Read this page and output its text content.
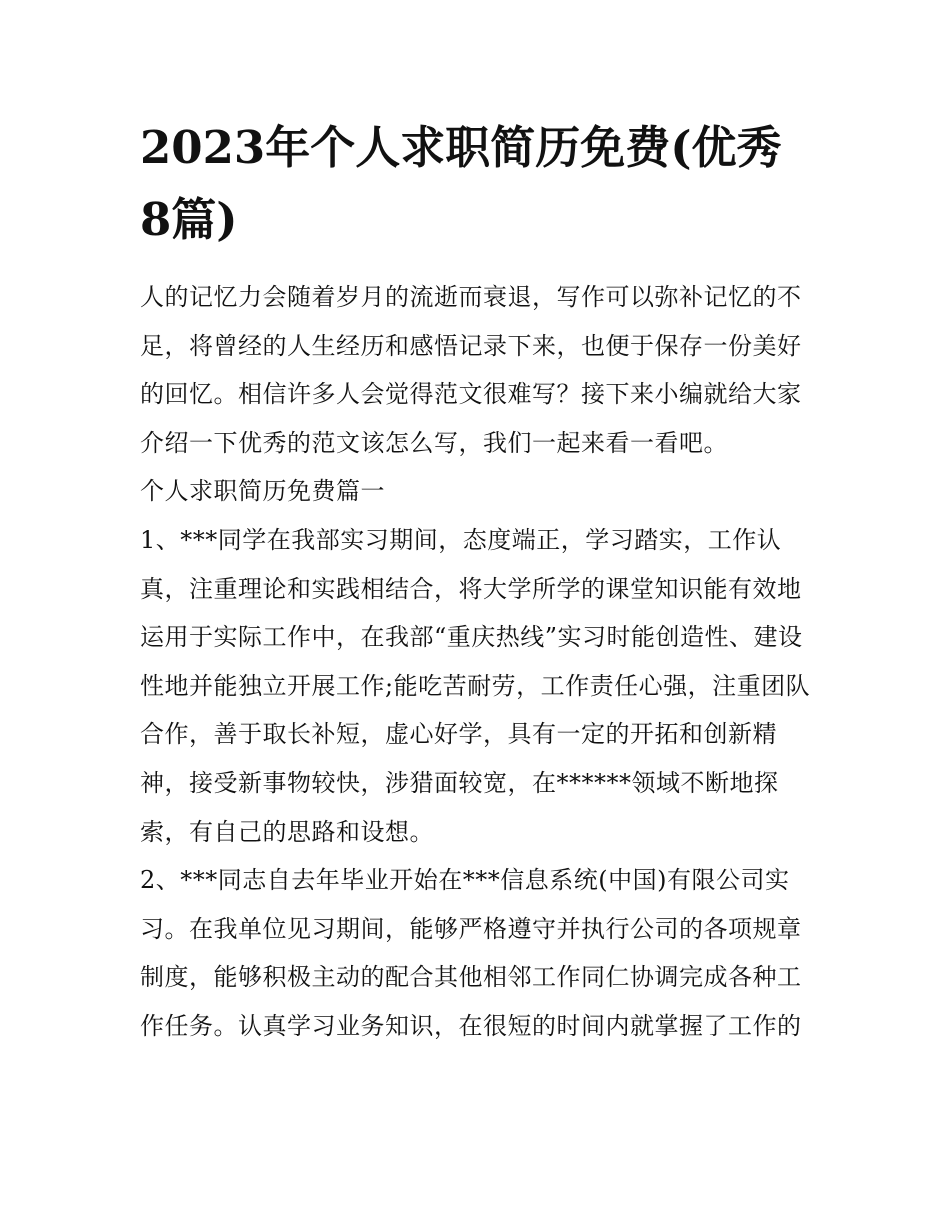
2023年个人求职简历免费(优秀8篇)

人的记忆力会随着岁月的流逝而衰退，写作可以弥补记忆的不足，将曾经的人生经历和感悟记录下来，也便于保存一份美好的回忆。相信许多人会觉得范文很难写？接下来小编就给大家介绍一下优秀的范文该怎么写，我们一起来看一看吧。

个人求职简历免费篇一

1、***同学在我部实习期间，态度端正，学习踏实，工作认真，注重理论和实践相结合，将大学所学的课堂知识能有效地运用于实际工作中，在我部“重庆热线”实习时能创造性、建设性地并能独立开展工作;能吃苦耐劳，工作责任心强，注重团队合作，善于取长补短，虚心好学，具有一定的开拓和创新精神，接受新事物较快，涉猎面较宽，在******领域不断地探索，有自己的思路和设想。

2、***同志自去年毕业开始在***信息系统(中国)有限公司实习。在我单位见习期间，能够严格遵守并执行公司的各项规章制度，能够积极主动的配合其他相邻工作同仁协调完成各种工作任务。认真学习业务知识，在很短的时间内就掌握了工作的
